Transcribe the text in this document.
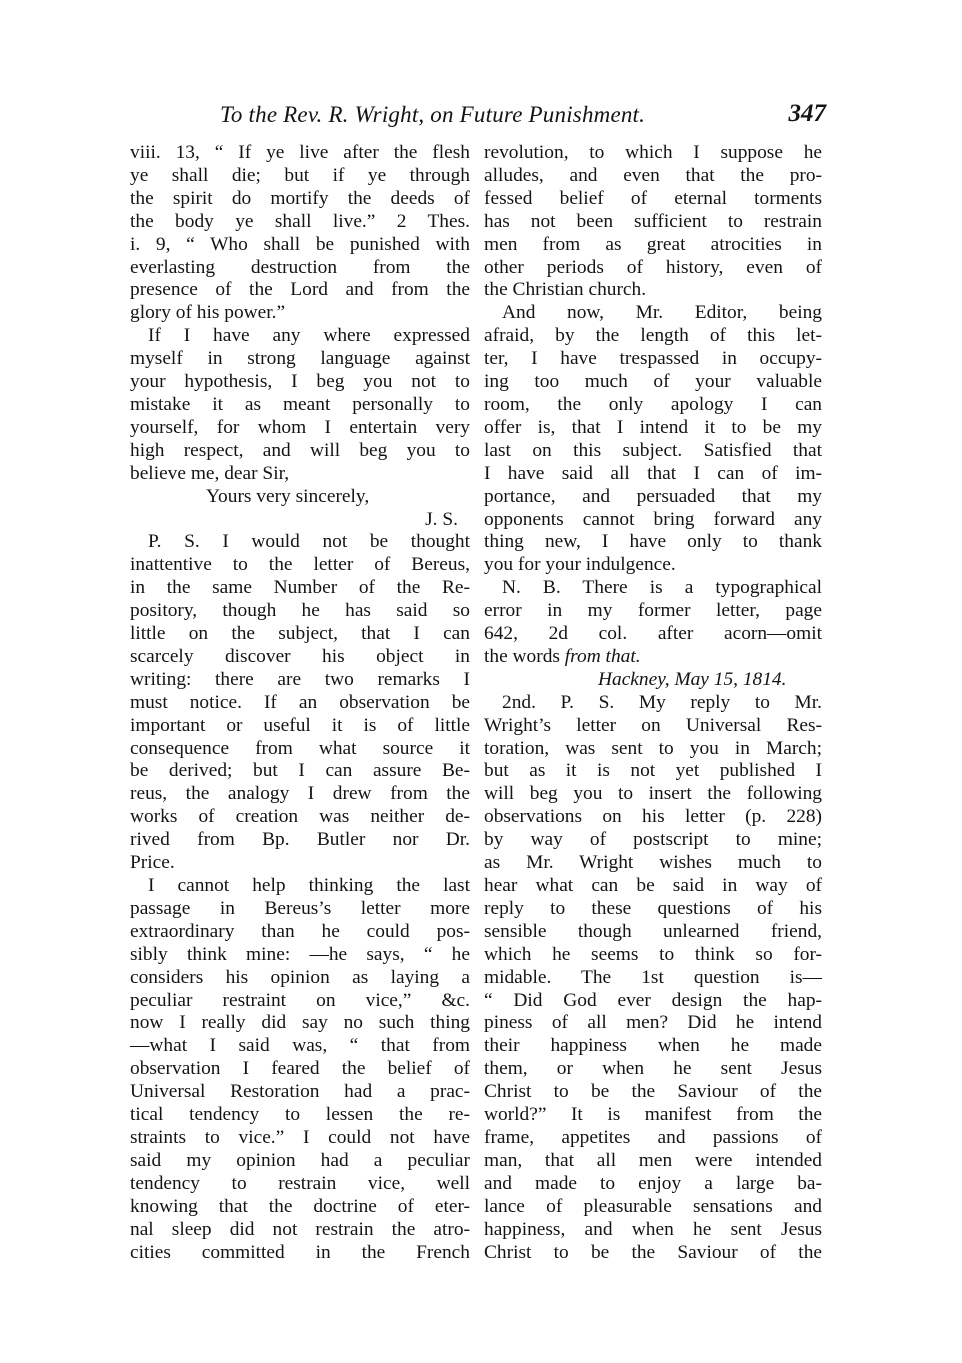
To the Rev. R. Wright, on Future Punishment.	347
viii. 13, “ If ye live after the flesh
ye shall die; but if ye through
the spirit do mortify the deeds of
the body ye shall live.” 2 Thes.
i. 9, “ Who shall be punished with
everlasting destruction from the
presence of the Lord and from the
glory of his power.”
If I have any where expressed
myself in strong language against
your hypothesis, I beg you not to
mistake it as meant personally to
yourself, for whom I entertain very
high respect, and will beg you to
believe me, dear Sir,
Yours very sincerely,
J. S.
P. S. I would not be thought
inattentive to the letter of Bereus,
in the same Number of the Re-
pository, though he has said so
little on the subject, that I can
scarcely discover his object in
writing: there are two remarks I
must notice. If an observation be
important or useful it is of little
consequence from what source it
be derived; but I can assure Be-
reus, the analogy I drew from the
works of creation was neither de-
rived from Bp. Butler nor Dr.
Price.
I cannot help thinking the last
passage in Bereus’s letter more
extraordinary than he could pos-
sibly think mine: —he says, “ he
considers his opinion as laying a
peculiar restraint on vice,” &c.
now I really did say no such thing
—what I said was, “ that from
observation I feared the belief of
Universal Restoration had a prac-
tical tendency to lessen the re-
straints to vice.” I could not have
said my opinion had a peculiar
tendency to restrain vice, well
knowing that the doctrine of eter-
nal sleep did not restrain the atro-
cities committed in the French
revolution, to which I suppose he
alludes, and even that the pro-
fessed belief of eternal torments
has not been sufficient to restrain
men from as great atrocities in
other periods of history, even of
the Christian church.
And now, Mr. Editor, being
afraid, by the length of this let-
ter, I have trespassed in occupy-
ing too much of your valuable
room, the only apology I can
offer is, that I intend it to be my
last on this subject. Satisfied that
I have said all that I can of im-
portance, and persuaded that my
opponents cannot bring forward any
thing new, I have only to thank
you for your indulgence.
N. B. There is a typographical
error in my former letter, page
642, 2d col. after acorn—omit
the words from that.
Hackney, May 15, 1814.
2nd. P. S. My reply to Mr.
Wright’s letter on Universal Res-
toration, was sent to you in March;
but as it is not yet published I
will beg you to insert the following
observations on his letter (p. 228)
by way of postscript to mine;
as Mr. Wright wishes much to
hear what can be said in way of
reply to these questions of his
sensible though unlearned friend,
which he seems to think so for-
midable. The 1st question is—
“ Did God ever design the hap-
piness of all men? Did he intend
their happiness when he made
them, or when he sent Jesus
Christ to be the Saviour of the
world?” It is manifest from the
frame, appetites and passions of
man, that all men were intended
and made to enjoy a large ba-
lance of pleasurable sensations and
happiness, and when he sent Jesus
Christ to be the Saviour of the
